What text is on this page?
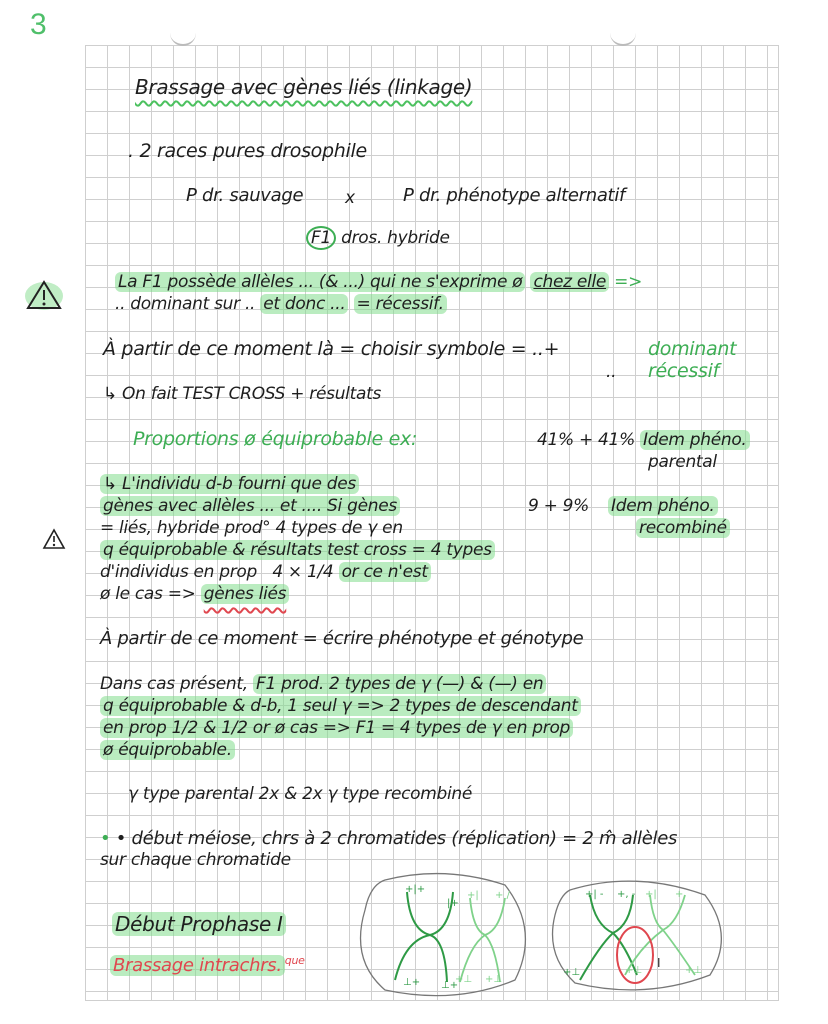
3
Brassage avec gènes liés (linkage)
. 2 races pures drosophile
P dr. sauvage x	P dr. phénotype alternatif
F1 dros. hybride
La F1 possède allèles ... (& ...) qui ne s'exprime ø chez elle =>
.. dominant sur .. et donc ... = récessif.
À partir de ce moment là = choisir symbole = ..+	dominant
.. récessif
↳ On fait TEST CROSS + résultats
Proportions ø équiprobable ex:	41% + 41% Idem phéno.
parental
↳ L'individu d-b fourni que des
gènes avec allèles ... et .... Si gènes	9 + 9% Idem phéno.
recombiné
= liés, hybride prod° 4 types de γ en
q équiprobable & résultats test cross = 4 types
d'individus en prop 4 × 1/4 or ce n'est
ø le cas => gènes liés
À partir de ce moment = écrire phénotype et génotype
Dans cas présent, F1 prod. 2 types de γ (—) & (—) en
q équiprobable & d-b, 1 seul γ => 2 types de descendant
en prop 1/2 & 1/2 or ø cas => F1 = 4 types de γ en prop
ø équiprobable.
γ type parental 2x & 2x γ type recombiné
• • début méiose, chrs à 2 chromatides (réplication) = 2 m̂ allèles
sur chaque chromatide
Début Prophase I
Brassage intrachrs. $^{que}$
+|+
|+
⊥+ ⊥+
+| + /
+⊥ +⊥
+⊥
+| - +, - +| +
+⊥	+⊥
I
